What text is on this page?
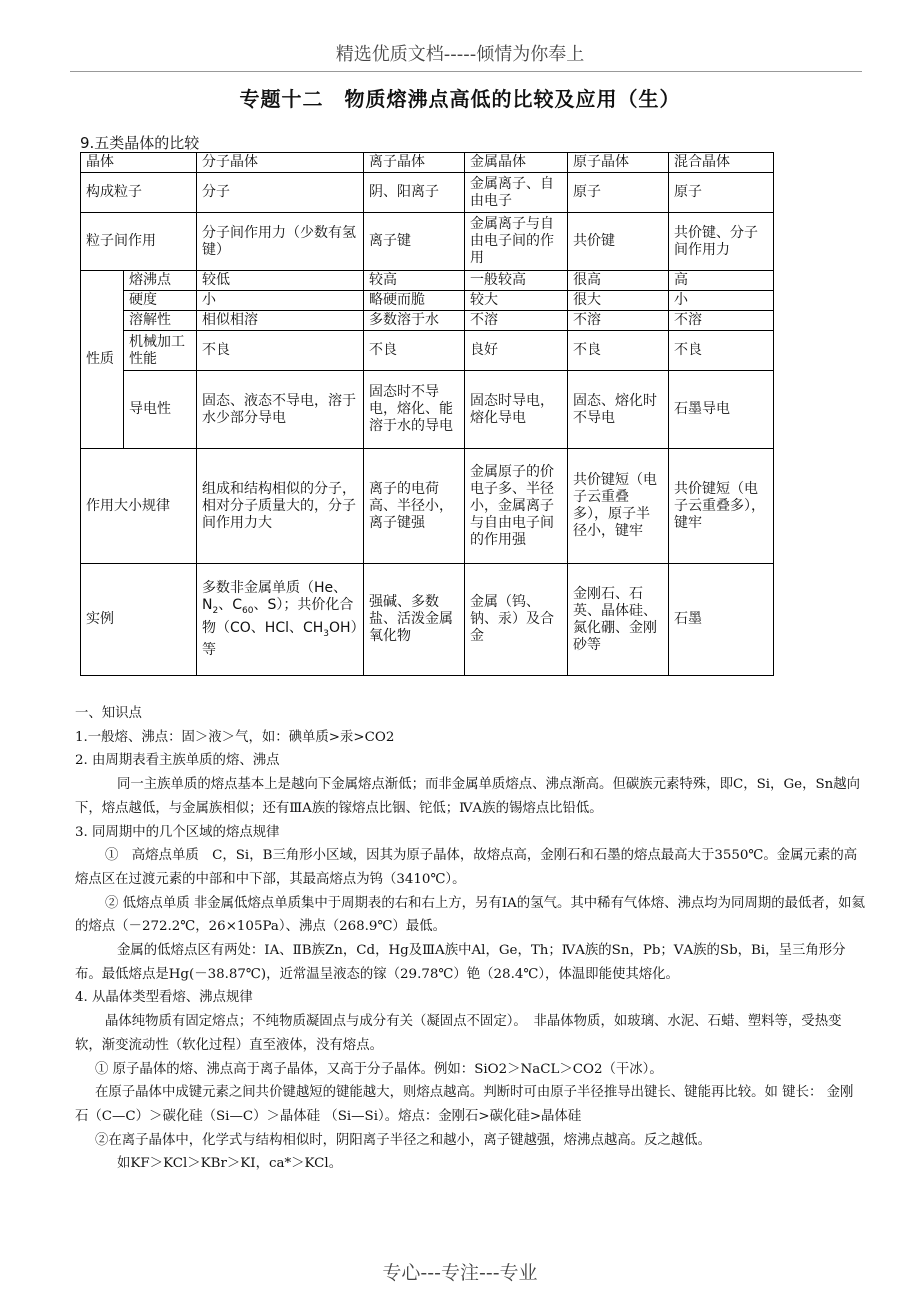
精选优质文档-----倾情为你奉上
专题十二　物质熔沸点高低的比较及应用（生）
9.五类晶体的比较
晶体		分子晶体	离子晶体	金属晶体	原子晶体	混合晶体
构成粒子		分子	阴、阳离子	金属离子、自由电子	原子	原子
粒子间作用		分子间作用力（少数有氢键）	离子键	金属离子与自由电子间的作用	共价键	共价键、分子间作用力
性质	熔沸点	较低	较高	一般较高	很高	高
	硬度	小	略硬而脆	较大	很大	小
	溶解性	相似相溶	多数溶于水	不溶	不溶	不溶
	机械加工性能	不良	不良	良好	不良	不良
	导电性	固态、液态不导电，溶于水少部分导电	固态时不导电，熔化、能溶于水的导电	固态时导电，熔化导电	固态、熔化时不导电	石墨导电
作用大小规律		组成和结构相似的分子，相对分子质量大的，分子间作用力大	离子的电荷高、半径小，离子键强	金属原子的价电子多、半径小，金属离子与自由电子间的作用强	共价键短（电子云重叠多），原子半径小，键牢	共价键短（电子云重叠多），键牢
实例		多数非金属单质（He、$N_2$、$C_{60}$、S）；共价化合物（CO、HCl、$CH_3OH$）等	强碱、多数盐、活泼金属氧化物	金属（钨、钠、汞）及合金	金刚石、石英、晶体硅、氮化硼、金刚砂等	石墨

一、知识点

1.一般熔、沸点：固＞液＞气，如：碘单质>汞>CO2

2. 由周期表看主族单质的熔、沸点

同一主族单质的熔点基本上是越向下金属熔点渐低；而非金属单质熔点、沸点渐高。但碳族元素特殊，即C，Si，Ge，Sn越向下，熔点越低，与金属族相似；还有ⅢA族的镓熔点比铟、铊低；ⅣA族的锡熔点比铅低。

3. 同周期中的几个区域的熔点规律

①　高熔点单质　C，Si，B三角形小区域，因其为原子晶体，故熔点高，金刚石和石墨的熔点最高大于3550℃。金属元素的高熔点区在过渡元素的中部和中下部，其最高熔点为钨（3410℃）。

② 低熔点单质 非金属低熔点单质集中于周期表的右和右上方，另有IA的氢气。其中稀有气体熔、沸点均为同周期的最低者，如氦的熔点（－272.2℃，26×105Pa）、沸点（268.9℃）最低。

金属的低熔点区有两处：IA、ⅡB族Zn，Cd，Hg及ⅢA族中Al，Ge，Th；ⅣA族的Sn，Pb；ⅤA族的Sb，Bi，呈三角形分布。最低熔点是Hg(－38.87℃)，近常温呈液态的镓（29.78℃）铯（28.4℃），体温即能使其熔化。

4. 从晶体类型看熔、沸点规律

晶体纯物质有固定熔点；不纯物质凝固点与成分有关（凝固点不固定）。　非晶体物质，如玻璃、水泥、石蜡、塑料等，受热变软，渐变流动性（软化过程）直至液体，没有熔点。

① 原子晶体的熔、沸点高于离子晶体，又高于分子晶体。例如：SiO2＞NaCL＞CO2（干冰）。

在原子晶体中成键元素之间共价键越短的键能越大，则熔点越高。判断时可由原子半径推导出键长、键能再比较。如 键长： 金刚石（C—C）＞碳化硅（Si—C）＞晶体硅 （Si—Si）。熔点：金刚石>碳化硅>晶体硅

②在离子晶体中，化学式与结构相似时，阴阳离子半径之和越小，离子键越强，熔沸点越高。反之越低。

如KF＞KCl＞KBr＞KI，ca*＞KCl。

专心---专注---专业
